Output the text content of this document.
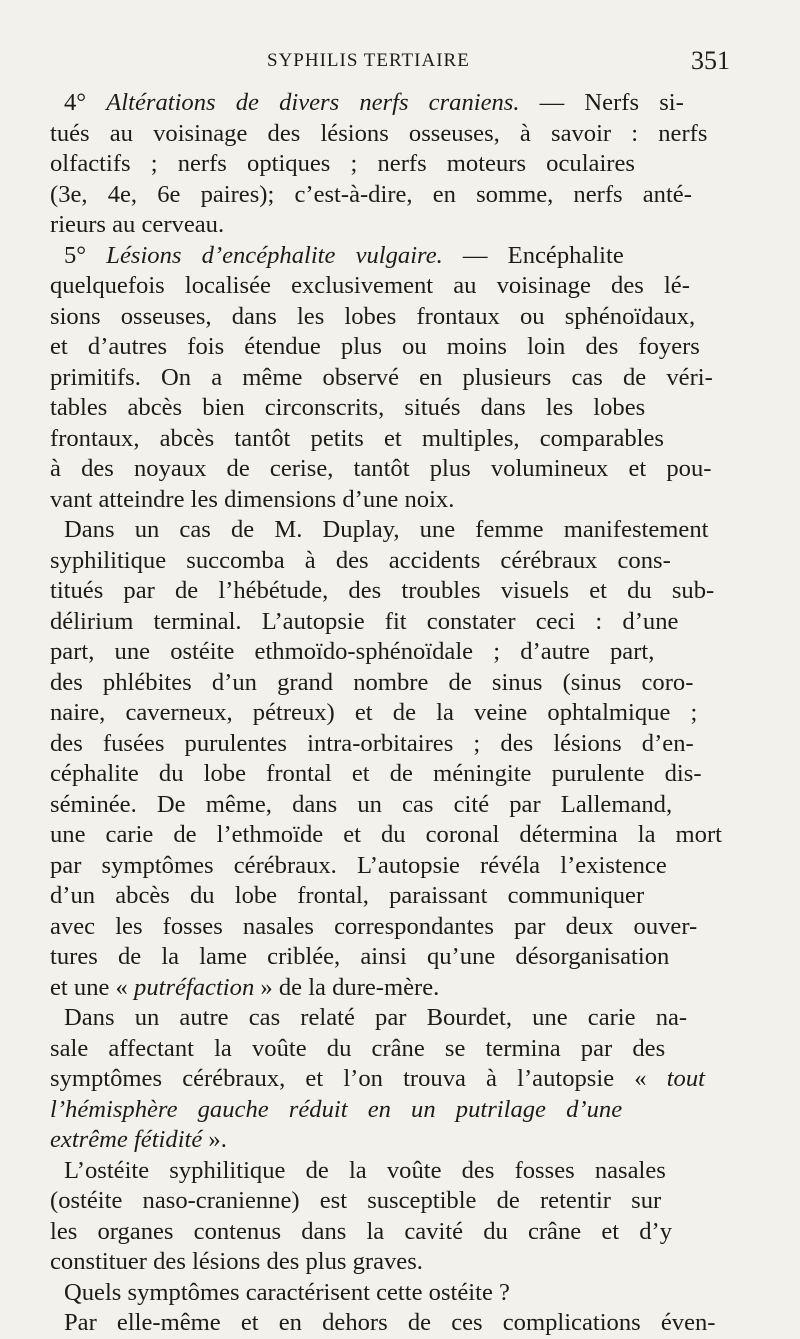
SYPHILIS TERTIAIRE	351
4° Altérations de divers nerfs craniens. — Nerfs si-
tués au voisinage des lésions osseuses, à savoir : nerfs
olfactifs ; nerfs optiques ; nerfs moteurs oculaires
(3e, 4e, 6e paires); c’est-à-dire, en somme, nerfs anté-
rieurs au cerveau.
5° Lésions d’encéphalite vulgaire. — Encéphalite
quelquefois localisée exclusivement au voisinage des lé-
sions osseuses, dans les lobes frontaux ou sphénoïdaux,
et d’autres fois étendue plus ou moins loin des foyers
primitifs. On a même observé en plusieurs cas de véri-
tables abcès bien circonscrits, situés dans les lobes
frontaux, abcès tantôt petits et multiples, comparables
à des noyaux de cerise, tantôt plus volumineux et pou-
vant atteindre les dimensions d’une noix.
Dans un cas de M. Duplay, une femme manifestement
syphilitique succomba à des accidents cérébraux cons-
titués par de l’hébétude, des troubles visuels et du sub-
délirium terminal. L’autopsie fit constater ceci : d’une
part, une ostéite ethmoïdo-sphénoïdale ; d’autre part,
des phlébites d’un grand nombre de sinus (sinus coro-
naire, caverneux, pétreux) et de la veine ophtalmique ;
des fusées purulentes intra-orbitaires ; des lésions d’en-
céphalite du lobe frontal et de méningite purulente dis-
séminée. De même, dans un cas cité par Lallemand,
une carie de l’ethmoïde et du coronal détermina la mort
par symptômes cérébraux. L’autopsie révéla l’existence
d’un abcès du lobe frontal, paraissant communiquer
avec les fosses nasales correspondantes par deux ouver-
tures de la lame criblée, ainsi qu’une désorganisation
et une « putréfaction » de la dure-mère.
Dans un autre cas relaté par Bourdet, une carie na-
sale affectant la voûte du crâne se termina par des
symptômes cérébraux, et l’on trouva à l’autopsie « tout
l’hémisphère gauche réduit en un putrilage d’une
extrême fétidité ».
L’ostéite syphilitique de la voûte des fosses nasales
(ostéite naso-cranienne) est susceptible de retentir sur
les organes contenus dans la cavité du crâne et d’y
constituer des lésions des plus graves.
Quels symptômes caractérisent cette ostéite ?
Par elle-même et en dehors de ces complications éven-
